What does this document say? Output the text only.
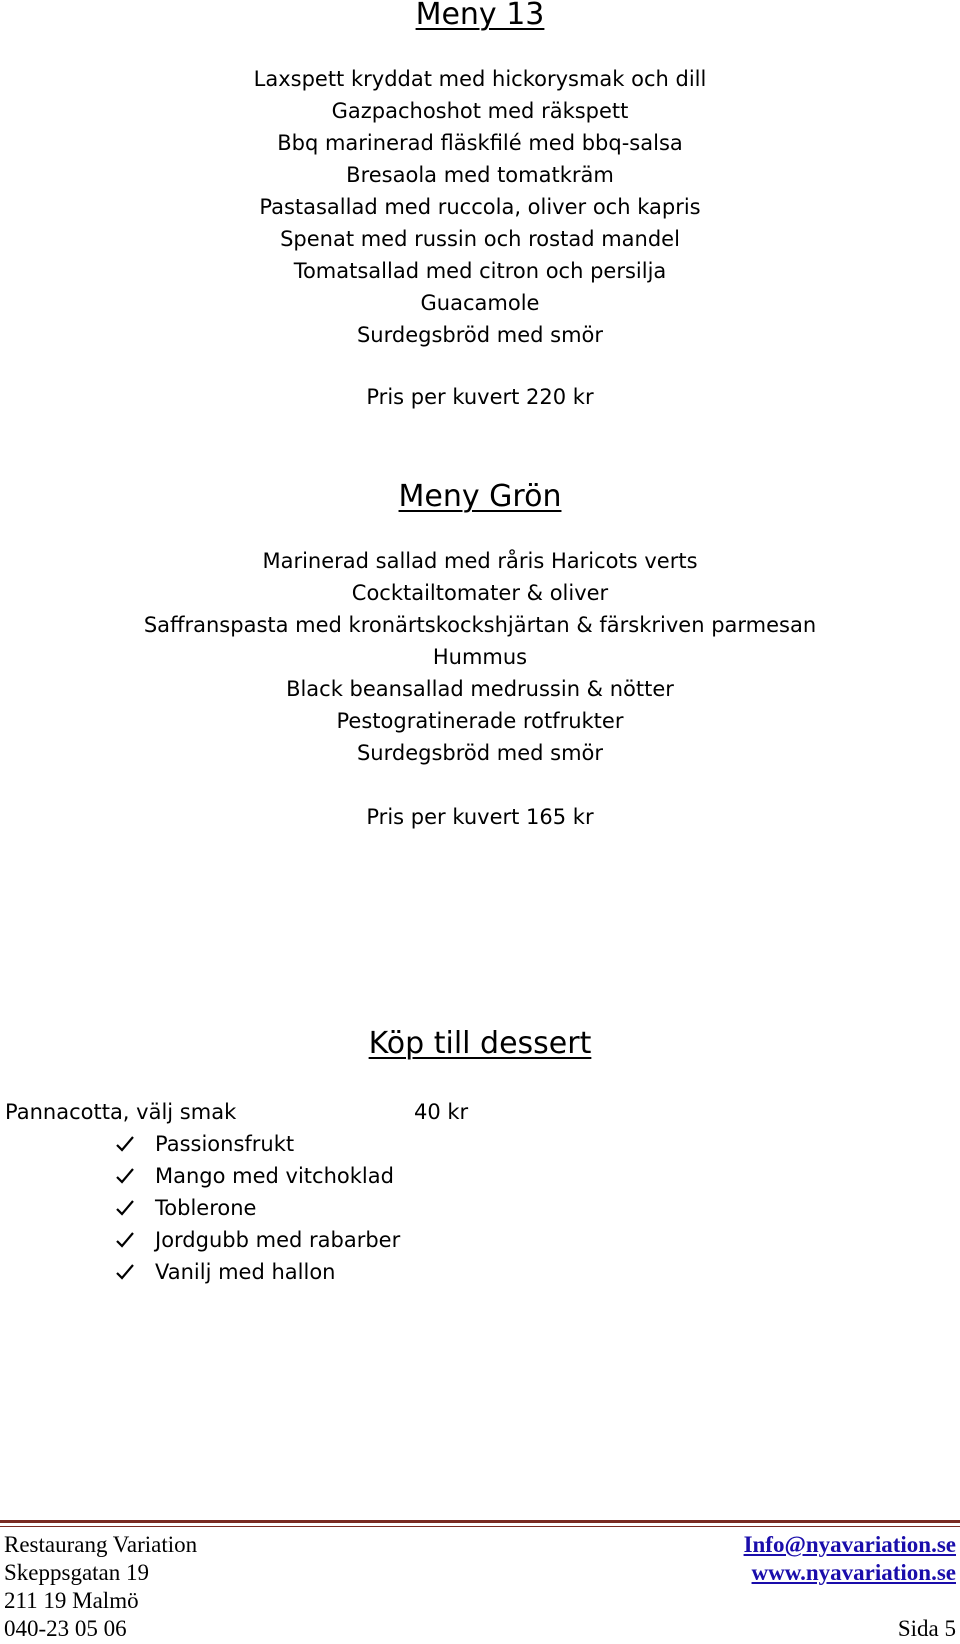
Meny 13
Laxspett kryddat med hickorysmak och dill
Gazpachoshot med räkspett
Bbq marinerad fläskfilé med bbq-salsa
Bresaola med tomatkräm
Pastasallad med ruccola, oliver och kapris
Spenat med russin och rostad mandel
Tomatsallad med citron och persilja
Guacamole
Surdegsbröd med smör
Pris per kuvert 220 kr
Meny Grön
Marinerad sallad med råris Haricots verts
Cocktailtomater & oliver
Saffranspasta med kronärtskockshjärtan & färskriven parmesan
Hummus
Black beansallad medrussin & nötter
Pestogratinerade rotfrukter
Surdegsbröd med smör
Pris per kuvert 165 kr
Köp till dessert
Pannacotta, välj smak	40 kr
Passionsfrukt
Mango med vitchoklad
Toblerone
Jordgubb med rabarber
Vanilj med hallon
Restaurang Variation
Skeppsgatan 19
211 19 Malmö
040-23 05 06
Info@nyavariation.se
www.nyavariation.se
Sida 5
